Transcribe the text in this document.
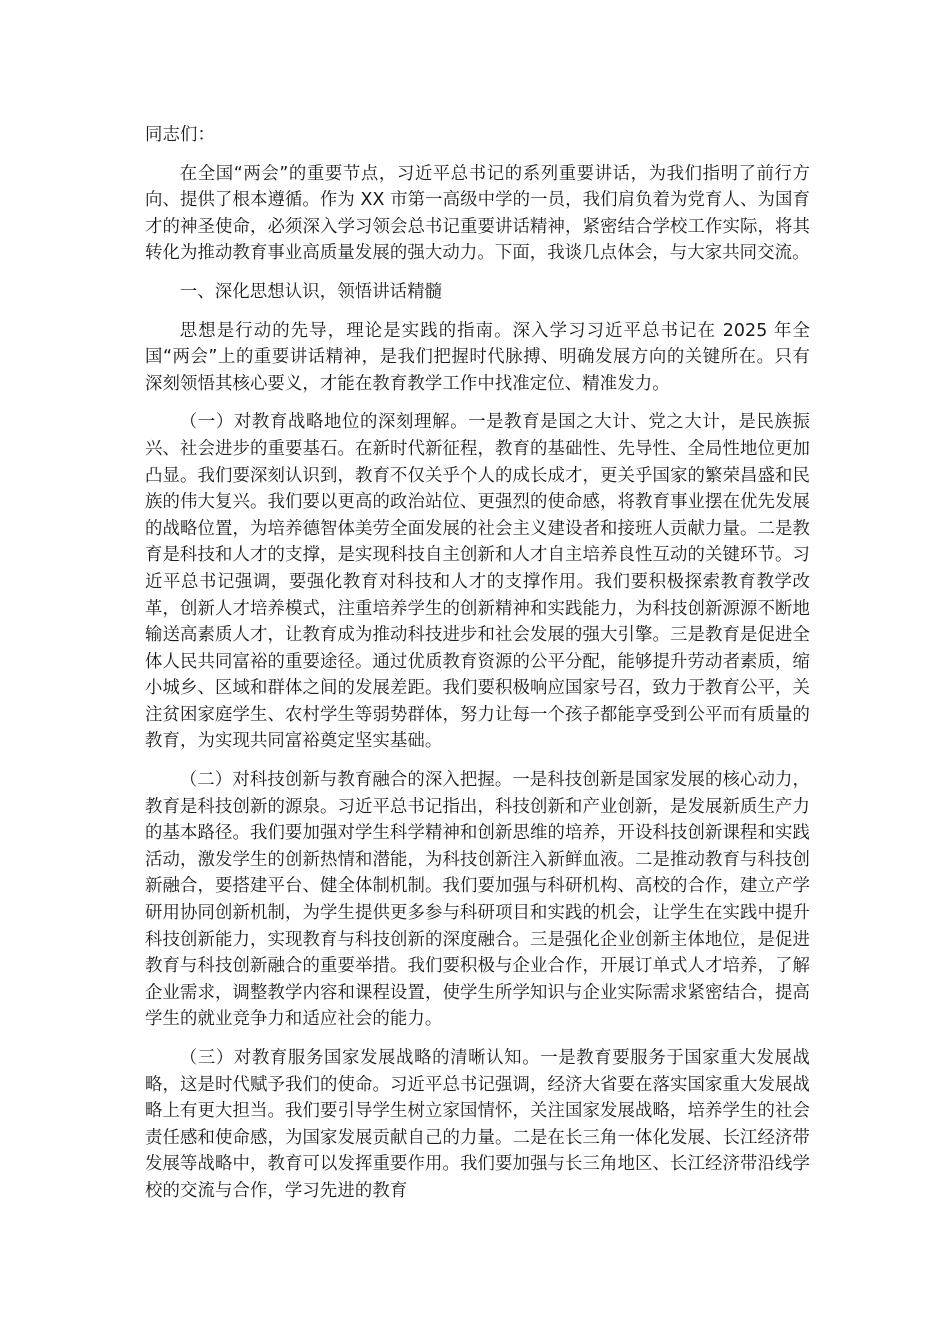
同志们：

在全国“两会”的重要节点，习近平总书记的系列重要讲话，为我们指明了前行方向、提供了根本遵循。作为 XX 市第一高级中学的一员，我们肩负着为党育人、为国育才的神圣使命，必须深入学习领会总书记重要讲话精神，紧密结合学校工作实际，将其转化为推动教育事业高质量发展的强大动力。下面，我谈几点体会，与大家共同交流。

一、深化思想认识，领悟讲话精髓

思想是行动的先导，理论是实践的指南。深入学习习近平总书记在 2025 年全国“两会”上的重要讲话精神，是我们把握时代脉搏、明确发展方向的关键所在。只有深刻领悟其核心要义，才能在教育教学工作中找准定位、精准发力。

（一）对教育战略地位的深刻理解。一是教育是国之大计、党之大计，是民族振兴、社会进步的重要基石。在新时代新征程，教育的基础性、先导性、全局性地位更加凸显。我们要深刻认识到，教育不仅关乎个人的成长成才，更关乎国家的繁荣昌盛和民族的伟大复兴。我们要以更高的政治站位、更强烈的使命感，将教育事业摆在优先发展的战略位置，为培养德智体美劳全面发展的社会主义建设者和接班人贡献力量。二是教育是科技和人才的支撑，是实现科技自主创新和人才自主培养良性互动的关键环节。习近平总书记强调，要强化教育对科技和人才的支撑作用。我们要积极探索教育教学改革，创新人才培养模式，注重培养学生的创新精神和实践能力，为科技创新源源不断地输送高素质人才，让教育成为推动科技进步和社会发展的强大引擎。三是教育是促进全体人民共同富裕的重要途径。通过优质教育资源的公平分配，能够提升劳动者素质，缩小城乡、区域和群体之间的发展差距。我们要积极响应国家号召，致力于教育公平，关注贫困家庭学生、农村学生等弱势群体，努力让每一个孩子都能享受到公平而有质量的教育，为实现共同富裕奠定坚实基础。

（二）对科技创新与教育融合的深入把握。一是科技创新是国家发展的核心动力，教育是科技创新的源泉。习近平总书记指出，科技创新和产业创新，是发展新质生产力的基本路径。我们要加强对学生科学精神和创新思维的培养，开设科技创新课程和实践活动，激发学生的创新热情和潜能，为科技创新注入新鲜血液。二是推动教育与科技创新融合，要搭建平台、健全体制机制。我们要加强与科研机构、高校的合作，建立产学研用协同创新机制，为学生提供更多参与科研项目和实践的机会，让学生在实践中提升科技创新能力，实现教育与科技创新的深度融合。三是强化企业创新主体地位，是促进教育与科技创新融合的重要举措。我们要积极与企业合作，开展订单式人才培养，了解企业需求，调整教学内容和课程设置，使学生所学知识与企业实际需求紧密结合，提高学生的就业竞争力和适应社会的能力。

（三）对教育服务国家发展战略的清晰认知。一是教育要服务于国家重大发展战略，这是时代赋予我们的使命。习近平总书记强调，经济大省要在落实国家重大发展战略上有更大担当。我们要引导学生树立家国情怀，关注国家发展战略，培养学生的社会责任感和使命感，为国家发展贡献自己的力量。二是在长三角一体化发展、长江经济带发展等战略中，教育可以发挥重要作用。我们要加强与长三角地区、长江经济带沿线学校的交流与合作，学习先进的教育
